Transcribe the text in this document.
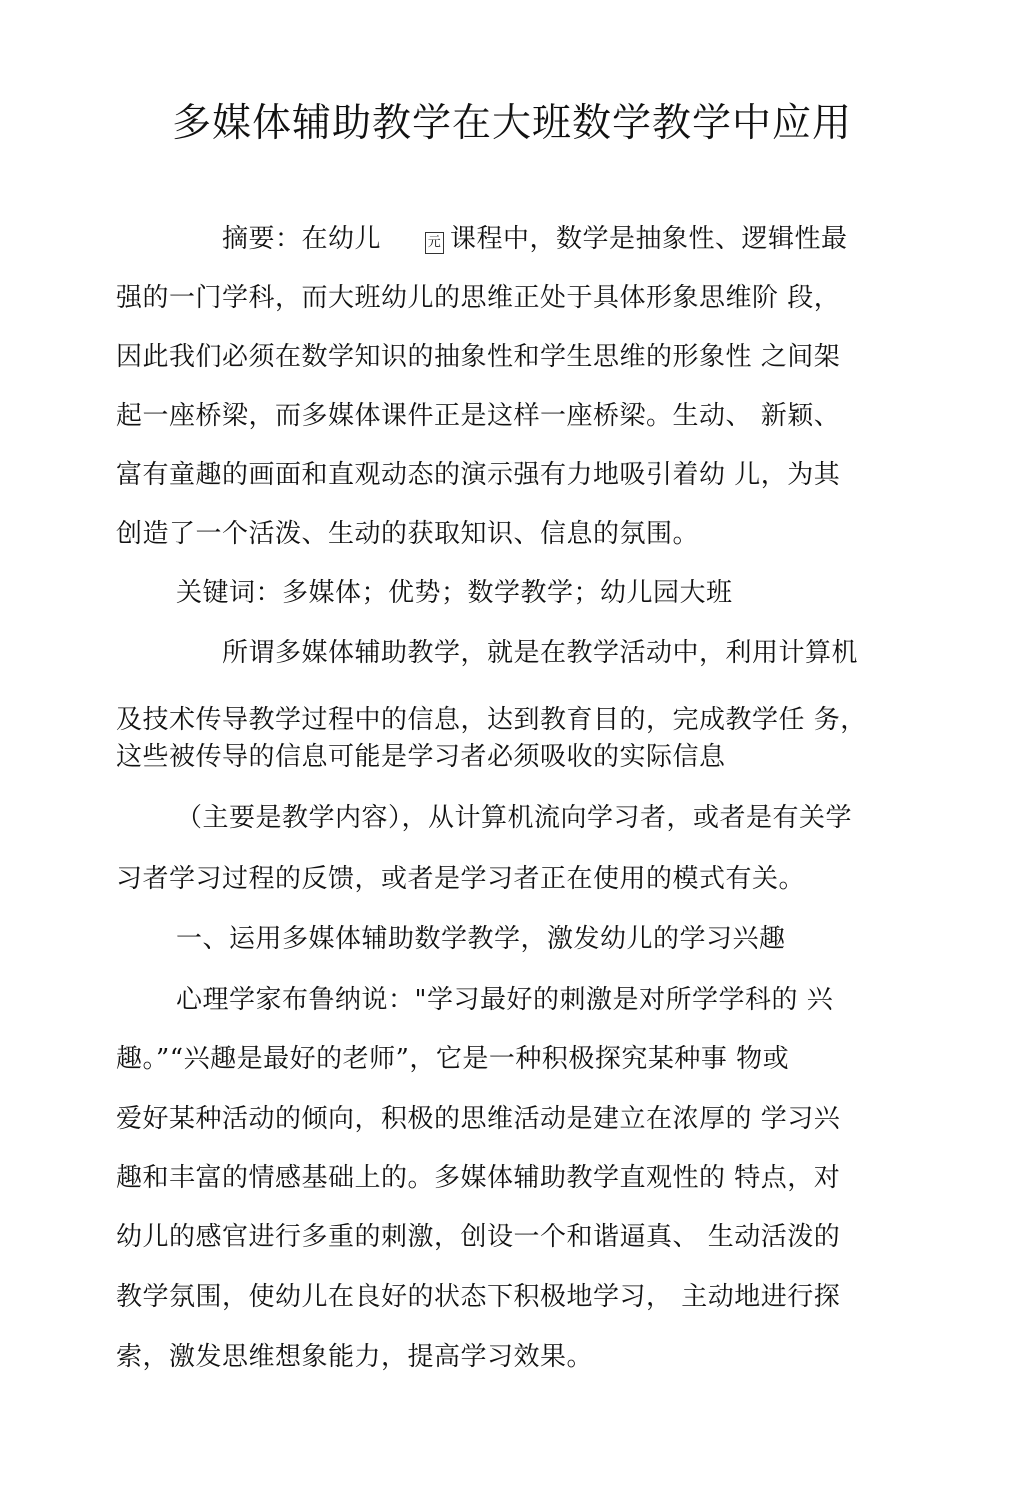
多媒体辅助教学在大班数学教学中应用
摘要：在幼儿	元 课程中，数学是抽象性、逻辑性最
强的一门学科，而大班幼儿的思维正处于具体形象思维阶 段，
因此我们必须在数学知识的抽象性和学生思维的形象性 之间架
起一座桥梁，而多媒体课件正是这样一座桥梁。生动、 新颖、
富有童趣的画面和直观动态的演示强有力地吸引着幼 儿，为其
创造了一个活泼、生动的获取知识、信息的氛围。
关键词：多媒体；优势；数学教学；幼儿园大班
所谓多媒体辅助教学，就是在教学活动中，利用计算机
及技术传导教学过程中的信息，达到教育目的，完成教学任 务，
这些被传导的信息可能是学习者必须吸收的实际信息
（主要是教学内容），从计算机流向学习者，或者是有关学
习者学习过程的反馈，或者是学习者正在使用的模式有关。
一、运用多媒体辅助数学教学，激发幼儿的学习兴趣
心理学家布鲁纳说："学习最好的刺激是对所学学科的 兴
趣。”“兴趣是最好的老师”，它是一种积极探究某种事 物或
爱好某种活动的倾向，积极的思维活动是建立在浓厚的 学习兴
趣和丰富的情感基础上的。多媒体辅助教学直观性的 特点，对
幼儿的感官进行多重的刺激，创设一个和谐逼真、 生动活泼的
教学氛围，使幼儿在良好的状态下积极地学习， 主动地进行探
索，激发思维想象能力，提高学习效果。
